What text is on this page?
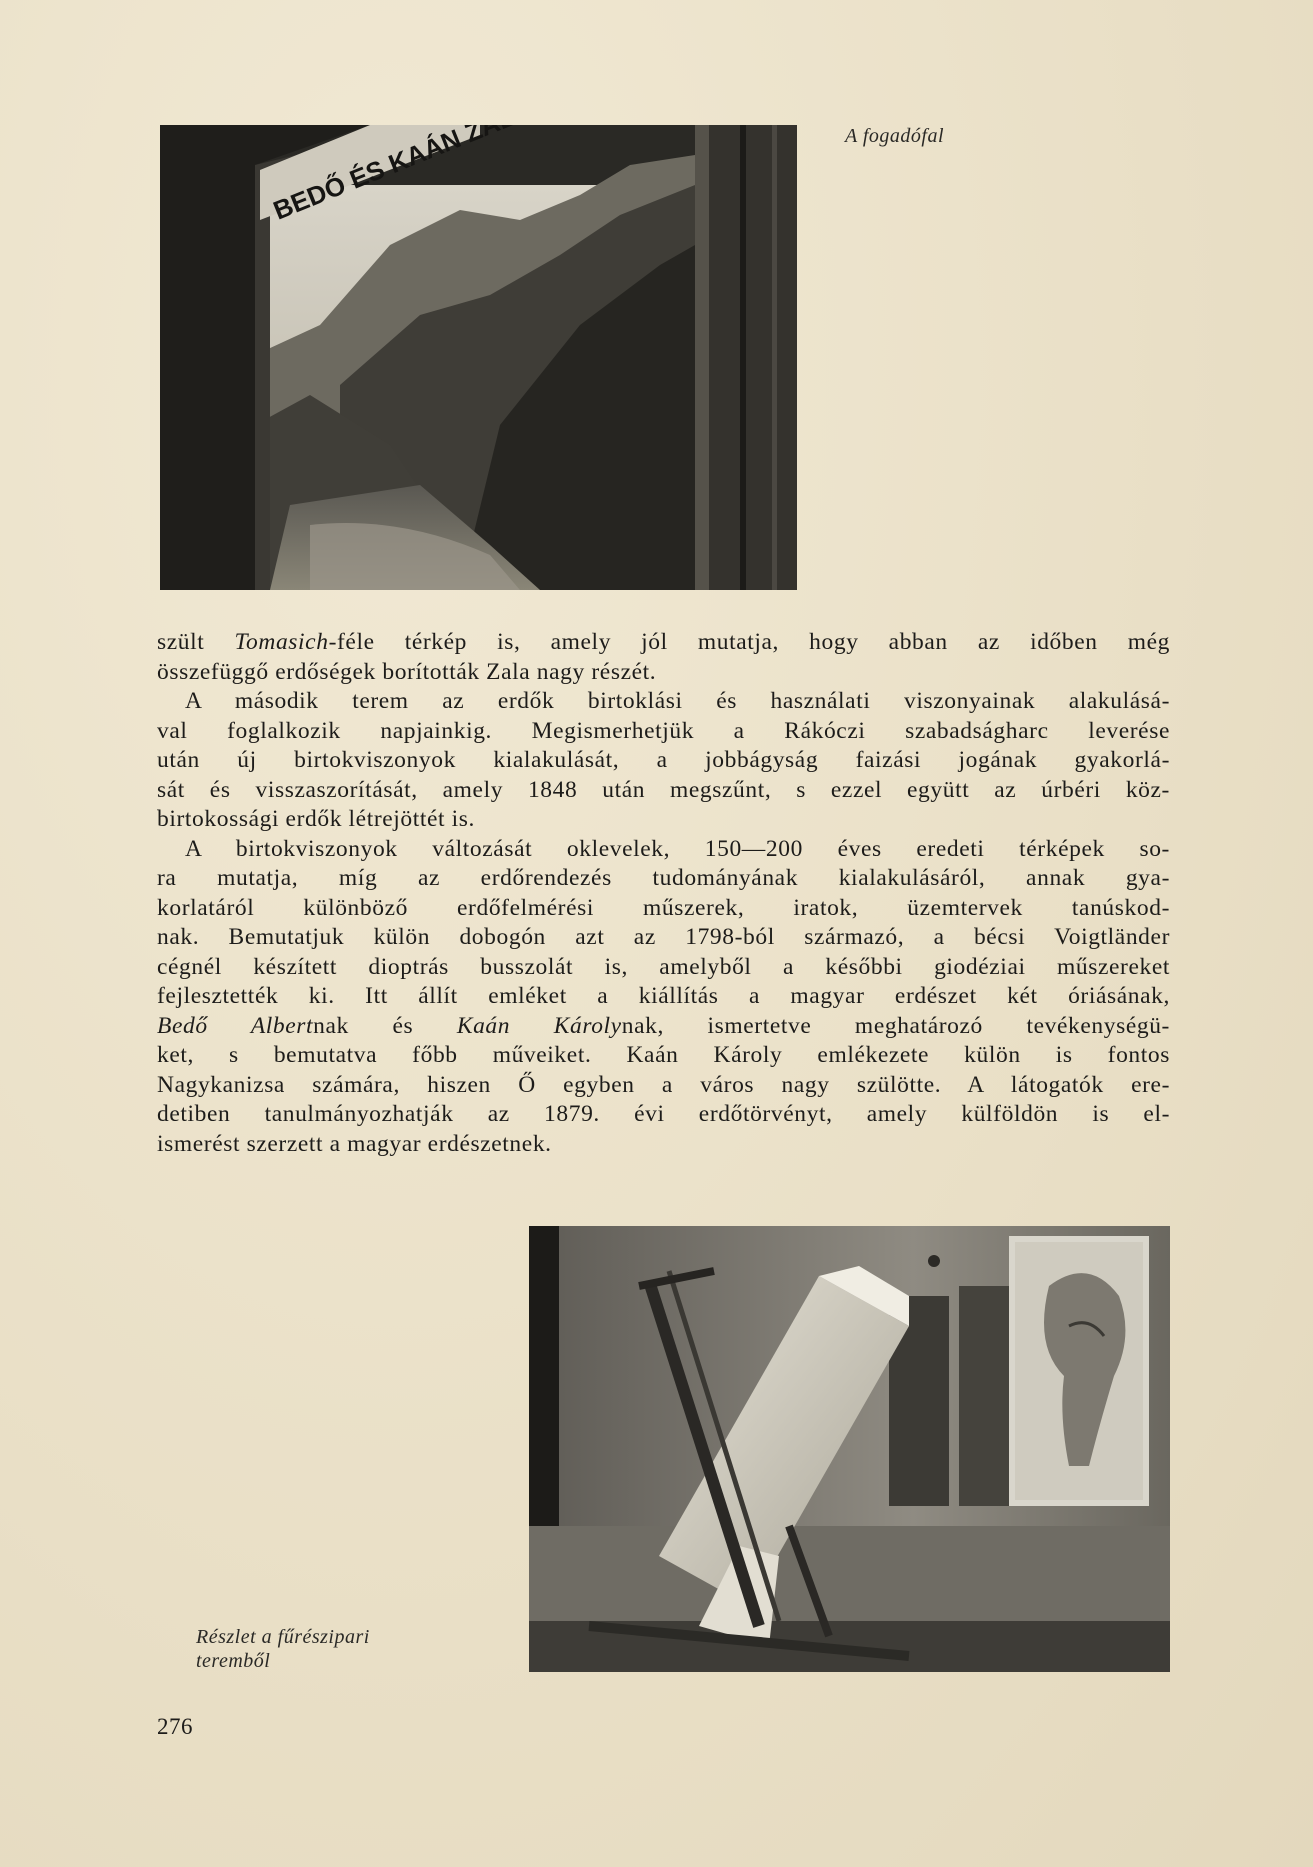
A fogadófal
szült Tomasich-féle térkép is, amely jól mutatja, hogy abban az időben még
összefüggő erdőségek borították Zala nagy részét.
A második terem az erdők birtoklási és használati viszonyainak alakulásá-
val foglalkozik napjainkig. Megismerhetjük a Rákóczi szabadságharc leverése
után új birtokviszonyok kialakulását, a jobbágyság faizási jogának gyakorlá-
sát és visszaszorítását, amely 1848 után megszűnt, s ezzel együtt az úrbéri köz-
birtokossági erdők létrejöttét is.
A birtokviszonyok változását oklevelek, 150—200 éves eredeti térképek so-
ra mutatja, míg az erdőrendezés tudományának kialakulásáról, annak gya-
korlatáról különböző erdőfelmérési műszerek, iratok, üzemtervek tanúskod-
nak. Bemutatjuk külön dobogón azt az 1798-ból származó, a bécsi Voigtländer
cégnél készített dioptrás busszolát is, amelyből a későbbi giodéziai műszereket
fejlesztették ki. Itt állít emléket a kiállítás a magyar erdészet két óriásának,
Bedő Albertnak és Kaán Károlynak, ismertetve meghatározó tevékenységü-
ket, s bemutatva főbb műveiket. Kaán Károly emlékezete külön is fontos
Nagykanizsa számára, hiszen Ő egyben a város nagy szülötte. A látogatók ere-
detiben tanulmányozhatják az 1879. évi erdőtörvényt, amely külföldön is el-
ismerést szerzett a magyar erdészetnek.
Részlet a fűrészipari
teremből
276
